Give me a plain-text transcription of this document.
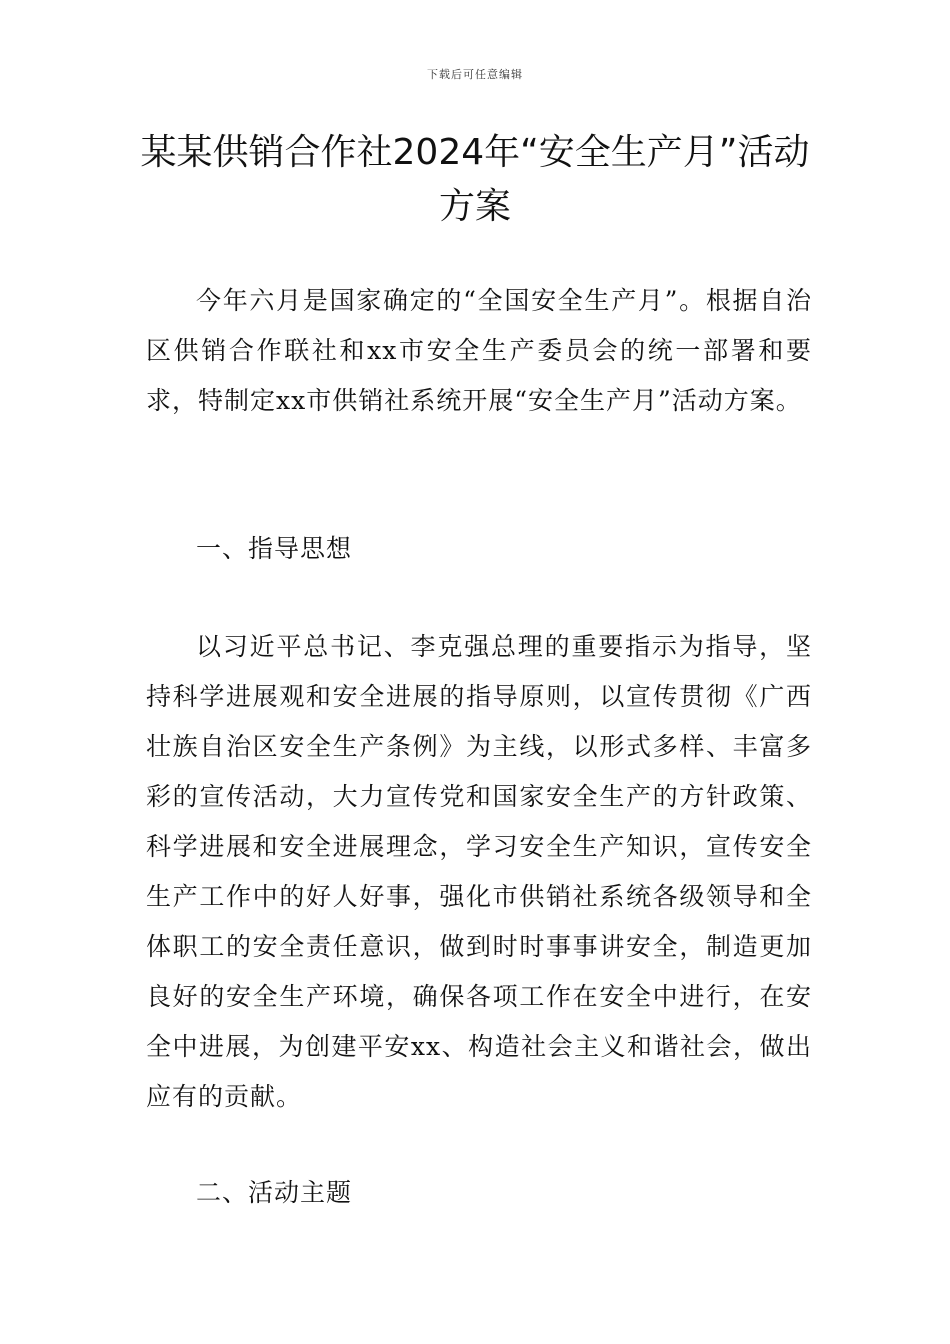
下载后可任意编辑
某某供销合作社2024年“安全生产月”活动方案

今年六月是国家确定的“全国安全生产月”。根据自治区供销合作联社和xx市安全生产委员会的统一部署和要求，特制定xx市供销社系统开展“安全生产月”活动方案。

一、指导思想

以习近平总书记、李克强总理的重要指示为指导，坚持科学进展观和安全进展的指导原则，以宣传贯彻《广西壮族自治区安全生产条例》为主线，以形式多样、丰富多彩的宣传活动，大力宣传党和国家安全生产的方针政策、科学进展和安全进展理念，学习安全生产知识，宣传安全生产工作中的好人好事，强化市供销社系统各级领导和全体职工的安全责任意识，做到时时事事讲安全，制造更加良好的安全生产环境，确保各项工作在安全中进行，在安全中进展，为创建平安xx、构造社会主义和谐社会，做出应有的贡献。

二、活动主题
